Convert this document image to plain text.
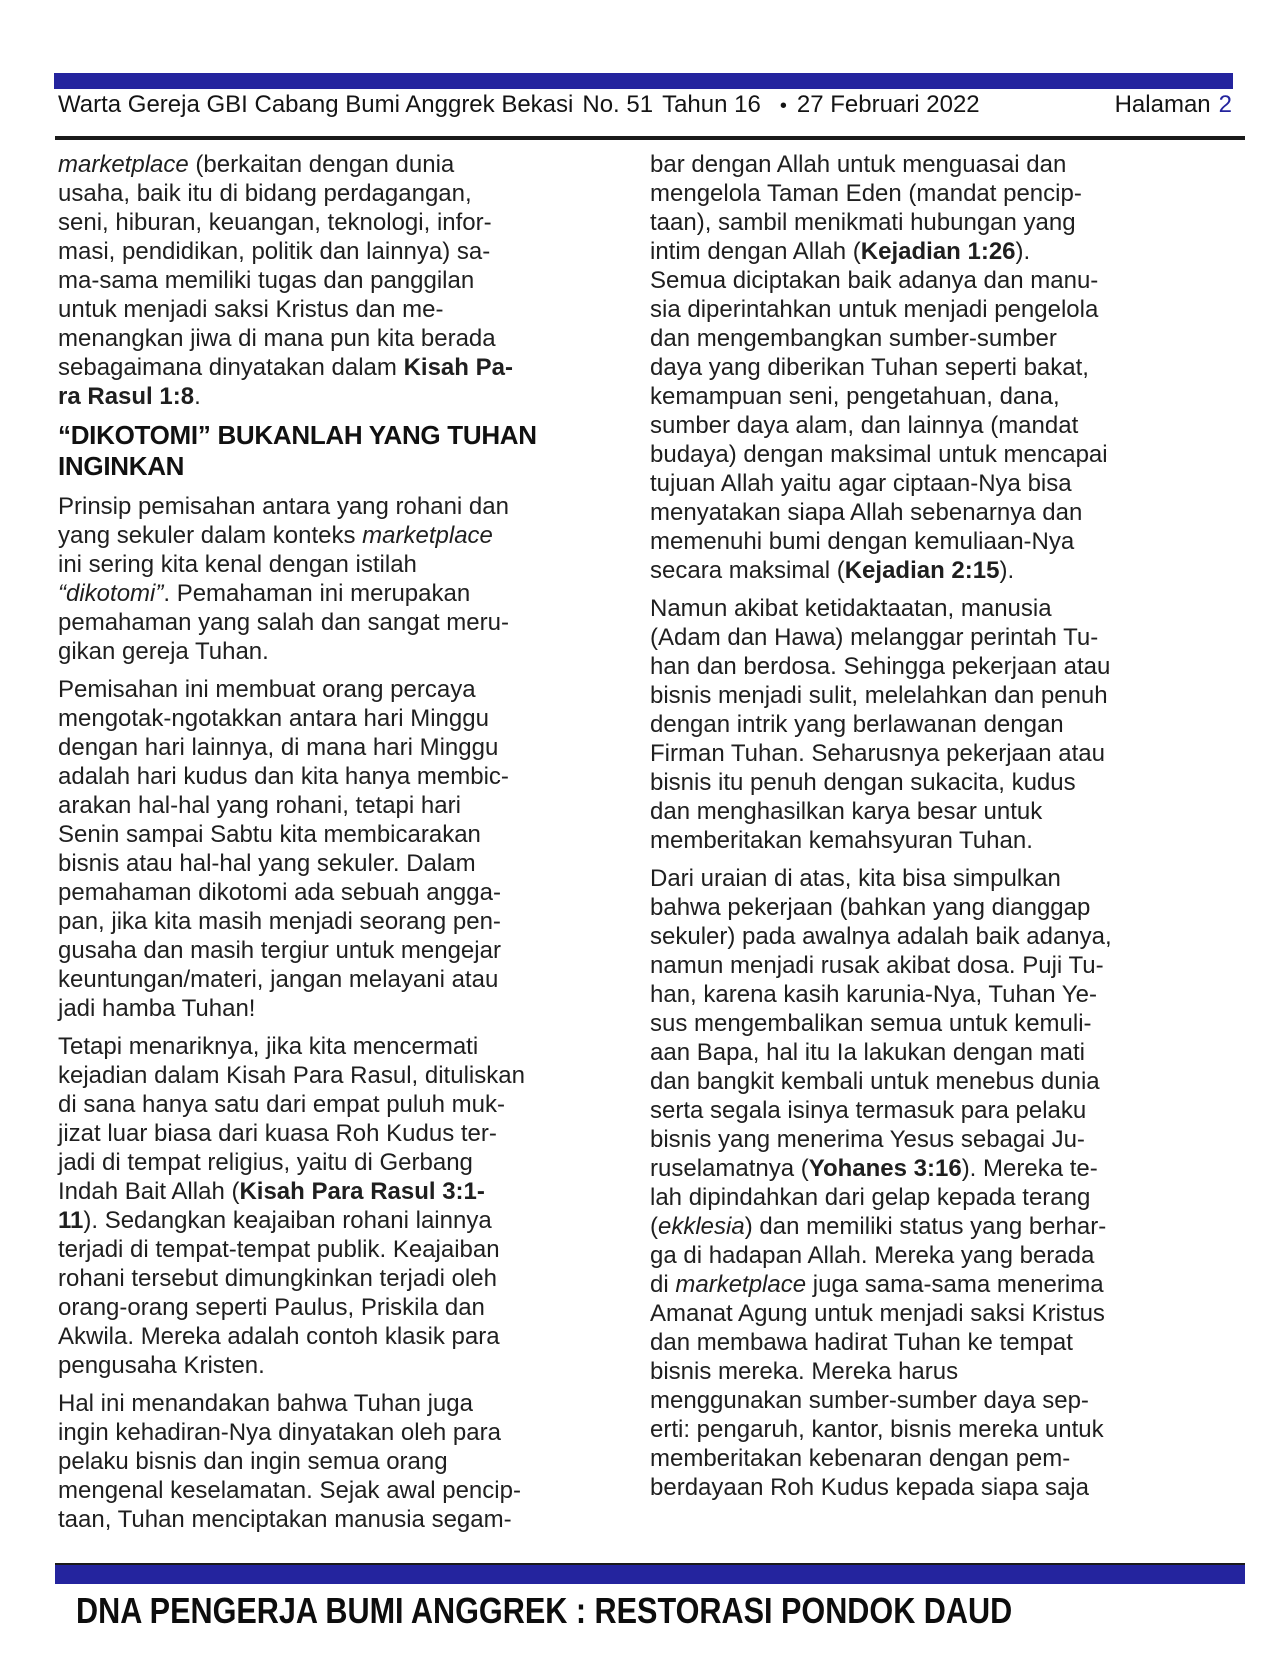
Warta Gereja GBI Cabang Bumi Anggrek Bekasi No. 51 Tahun 16 • 27 Februari 2022	Halaman 2
marketplace (berkaitan dengan dunia
usaha, baik itu di bidang perdagangan,
seni, hiburan, keuangan, teknologi, infor-
masi, pendidikan, politik dan lainnya) sa-
ma-sama memiliki tugas dan panggilan
untuk menjadi saksi Kristus dan me-
menangkan jiwa di mana pun kita berada
sebagaimana dinyatakan dalam Kisah Pa-
ra Rasul 1:8.
“DIKOTOMI” BUKANLAH YANG TUHAN
INGINKAN
Prinsip pemisahan antara yang rohani dan
yang sekuler dalam konteks marketplace
ini sering kita kenal dengan istilah
“dikotomi”. Pemahaman ini merupakan
pemahaman yang salah dan sangat meru-
gikan gereja Tuhan.
Pemisahan ini membuat orang percaya
mengotak-ngotakkan antara hari Minggu
dengan hari lainnya, di mana hari Minggu
adalah hari kudus dan kita hanya membic-
arakan hal-hal yang rohani, tetapi hari
Senin sampai Sabtu kita membicarakan
bisnis atau hal-hal yang sekuler. Dalam
pemahaman dikotomi ada sebuah angga-
pan, jika kita masih menjadi seorang pen-
gusaha dan masih tergiur untuk mengejar
keuntungan/materi, jangan melayani atau
jadi hamba Tuhan!
Tetapi menariknya, jika kita mencermati
kejadian dalam Kisah Para Rasul, dituliskan
di sana hanya satu dari empat puluh muk-
jizat luar biasa dari kuasa Roh Kudus ter-
jadi di tempat religius, yaitu di Gerbang
Indah Bait Allah (Kisah Para Rasul 3:1-
11). Sedangkan keajaiban rohani lainnya
terjadi di tempat-tempat publik. Keajaiban
rohani tersebut dimungkinkan terjadi oleh
orang-orang seperti Paulus, Priskila dan
Akwila. Mereka adalah contoh klasik para
pengusaha Kristen.
Hal ini menandakan bahwa Tuhan juga
ingin kehadiran-Nya dinyatakan oleh para
pelaku bisnis dan ingin semua orang
mengenal keselamatan. Sejak awal pencip-
taan, Tuhan menciptakan manusia segam-
bar dengan Allah untuk menguasai dan
mengelola Taman Eden (mandat pencip-
taan), sambil menikmati hubungan yang
intim dengan Allah (Kejadian 1:26).
Semua diciptakan baik adanya dan manu-
sia diperintahkan untuk menjadi pengelola
dan mengembangkan sumber-sumber
daya yang diberikan Tuhan seperti bakat,
kemampuan seni, pengetahuan, dana,
sumber daya alam, dan lainnya (mandat
budaya) dengan maksimal untuk mencapai
tujuan Allah yaitu agar ciptaan-Nya bisa
menyatakan siapa Allah sebenarnya dan
memenuhi bumi dengan kemuliaan-Nya
secara maksimal (Kejadian 2:15).
Namun akibat ketidaktaatan, manusia
(Adam dan Hawa) melanggar perintah Tu-
han dan berdosa. Sehingga pekerjaan atau
bisnis menjadi sulit, melelahkan dan penuh
dengan intrik yang berlawanan dengan
Firman Tuhan. Seharusnya pekerjaan atau
bisnis itu penuh dengan sukacita, kudus
dan menghasilkan karya besar untuk
memberitakan kemahsyuran Tuhan.
Dari uraian di atas, kita bisa simpulkan
bahwa pekerjaan (bahkan yang dianggap
sekuler) pada awalnya adalah baik adanya,
namun menjadi rusak akibat dosa. Puji Tu-
han, karena kasih karunia-Nya, Tuhan Ye-
sus mengembalikan semua untuk kemuli-
aan Bapa, hal itu Ia lakukan dengan mati
dan bangkit kembali untuk menebus dunia
serta segala isinya termasuk para pelaku
bisnis yang menerima Yesus sebagai Ju-
ruselamatnya (Yohanes 3:16). Mereka te-
lah dipindahkan dari gelap kepada terang
(ekklesia) dan memiliki status yang berhar-
ga di hadapan Allah. Mereka yang berada
di marketplace juga sama-sama menerima
Amanat Agung untuk menjadi saksi Kristus
dan membawa hadirat Tuhan ke tempat
bisnis mereka. Mereka harus
menggunakan sumber-sumber daya sep-
erti: pengaruh, kantor, bisnis mereka untuk
memberitakan kebenaran dengan pem-
berdayaan Roh Kudus kepada siapa saja
DNA PENGERJA BUMI ANGGREK : RESTORASI PONDOK DAUD
